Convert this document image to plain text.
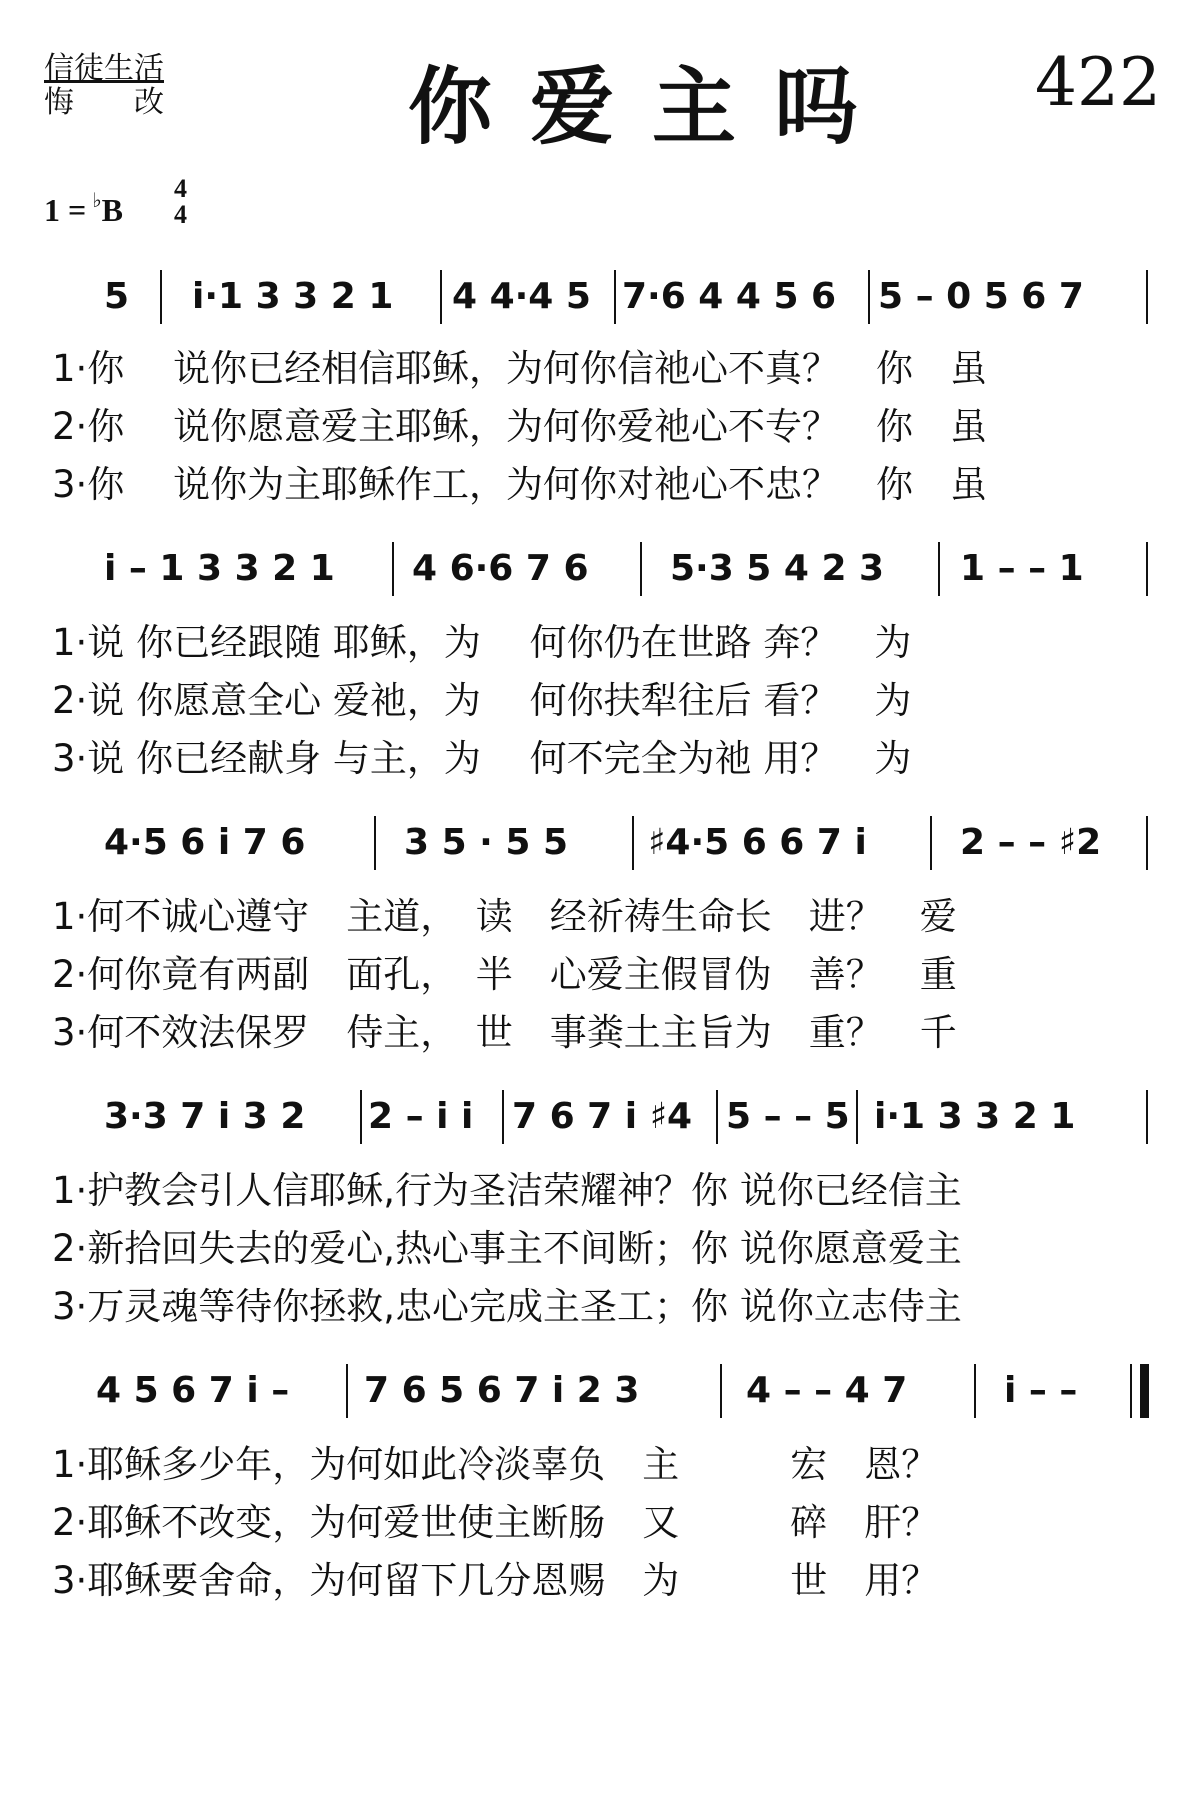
信徒生活
悔　　改	你爱主吗 422
1 = ♭B
4
4
5 i·1 3 3 2 1 4 4·4 5 7·6 4 4 5 6 5 – 0 5 6 7
1·你　 说你已经相信耶稣，为何你信祂心不真？　你　虽
2·你　 说你愿意爱主耶稣，为何你爱祂心不专？　你　虽
3·你　 说你为主耶稣作工，为何你对祂心不忠？　你　虽
i – 1 3 3 2 1 4 6·6 7 6 5·3 5 4 2 3 1 – – 1
1·说 你已经跟随 耶稣，为　 何你仍在世路 奔？　为
2·说 你愿意全心 爱祂，为　 何你扶犁往后 看？　为
3·说 你已经献身 与主，为　 何不完全为祂 用？　为
4·5 6 i 7 6	3 5 · 5 5 ♯4·5 6 6 7 i	2 – – ♯2
1·何不诚心遵守　主道，　读　经祈祷生命长　进？　爱
2·何你竟有两副　面孔，　半　心爱主假冒伪　善？　重
3·何不效法保罗　侍主，　世　事粪土主旨为　重？　千
3·3 7 i 3 2 2 – i i 7 6 7 i ♯4 5 – – 5 i·1 3 3 2 1
1·护教会引人信耶稣,行为圣洁荣耀神？你 说你已经信主
2·新拾回失去的爱心,热心事主不间断；你 说你愿意爱主
3·万灵魂等待你拯救,忠心完成主圣工；你 说你立志侍主
4 5 6 7 i – 7 6 5 6 7 i 2 3	4 – – 4 7	i – –
1·耶稣多少年，为何如此冷淡辜负　主　　　宏　恩？
2·耶稣不改变，为何爱世使主断肠　又　　　碎　肝？
3·耶稣要舍命，为何留下几分恩赐　为　　　世　用？
